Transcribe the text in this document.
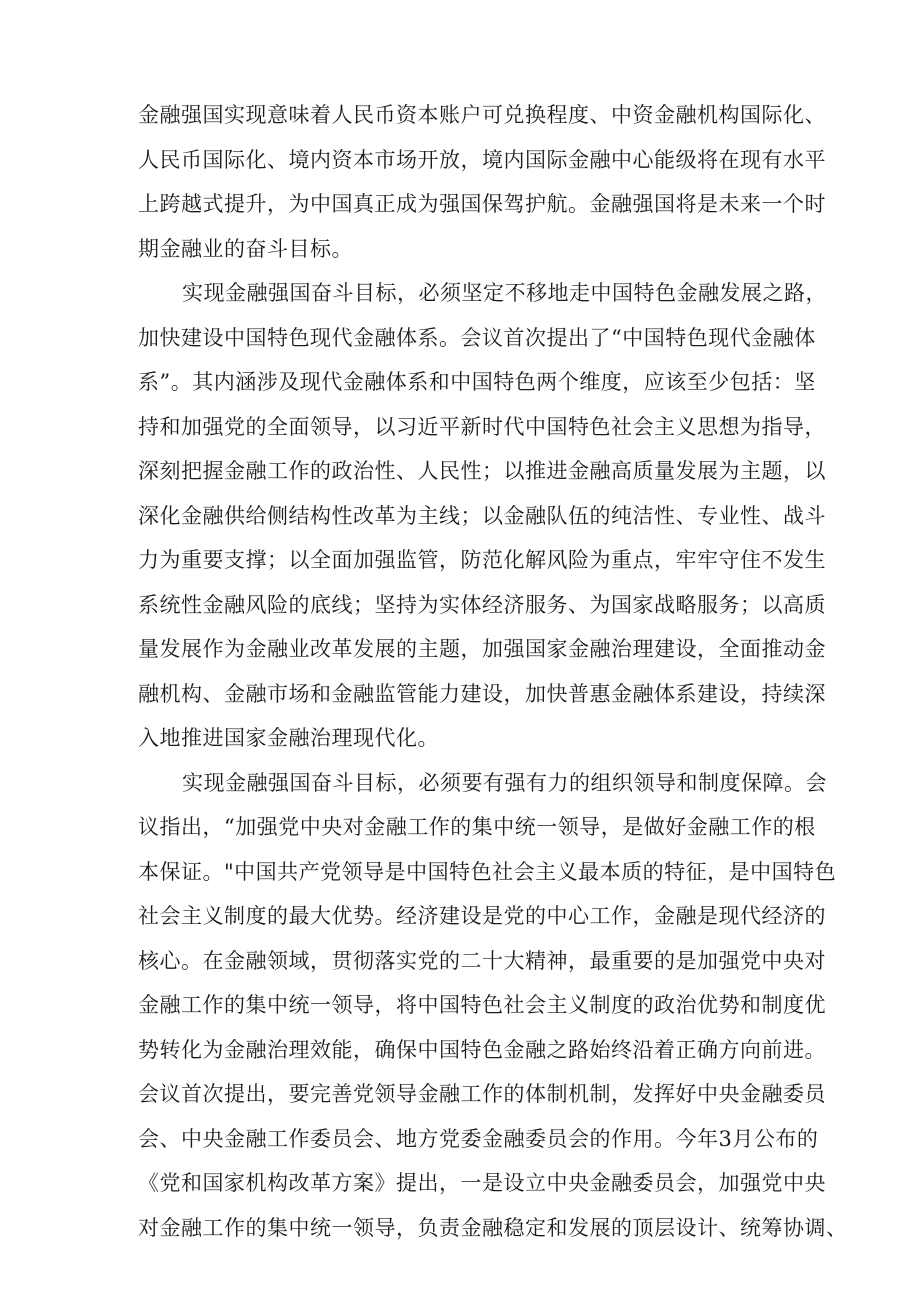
金融强国实现意味着人民币资本账户可兑换程度、中资金融机构国际化、
人民币国际化、境内资本市场开放，境内国际金融中心能级将在现有水平
上跨越式提升，为中国真正成为强国保驾护航。金融强国将是未来一个时
期金融业的奋斗目标。
实现金融强国奋斗目标，必须坚定不移地走中国特色金融发展之路，
加快建设中国特色现代金融体系。会议首次提出了“中国特色现代金融体
系”。其内涵涉及现代金融体系和中国特色两个维度，应该至少包括：坚
持和加强党的全面领导，以习近平新时代中国特色社会主义思想为指导，
深刻把握金融工作的政治性、人民性；以推进金融高质量发展为主题，以
深化金融供给侧结构性改革为主线；以金融队伍的纯洁性、专业性、战斗
力为重要支撑；以全面加强监管，防范化解风险为重点，牢牢守住不发生
系统性金融风险的底线；坚持为实体经济服务、为国家战略服务；以高质
量发展作为金融业改革发展的主题，加强国家金融治理建设，全面推动金
融机构、金融市场和金融监管能力建设，加快普惠金融体系建设，持续深
入地推进国家金融治理现代化。
实现金融强国奋斗目标，必须要有强有力的组织领导和制度保障。会
议指出，“加强党中央对金融工作的集中统一领导，是做好金融工作的根
本保证。"中国共产党领导是中国特色社会主义最本质的特征，是中国特色
社会主义制度的最大优势。经济建设是党的中心工作，金融是现代经济的
核心。在金融领域，贯彻落实党的二十大精神，最重要的是加强党中央对
金融工作的集中统一领导，将中国特色社会主义制度的政治优势和制度优
势转化为金融治理效能，确保中国特色金融之路始终沿着正确方向前进。
会议首次提出，要完善党领导金融工作的体制机制，发挥好中央金融委员
会、中央金融工作委员会、地方党委金融委员会的作用。今年3月公布的
《党和国家机构改革方案》提出，一是设立中央金融委员会，加强党中央
对金融工作的集中统一领导，负责金融稳定和发展的顶层设计、统筹协调、
